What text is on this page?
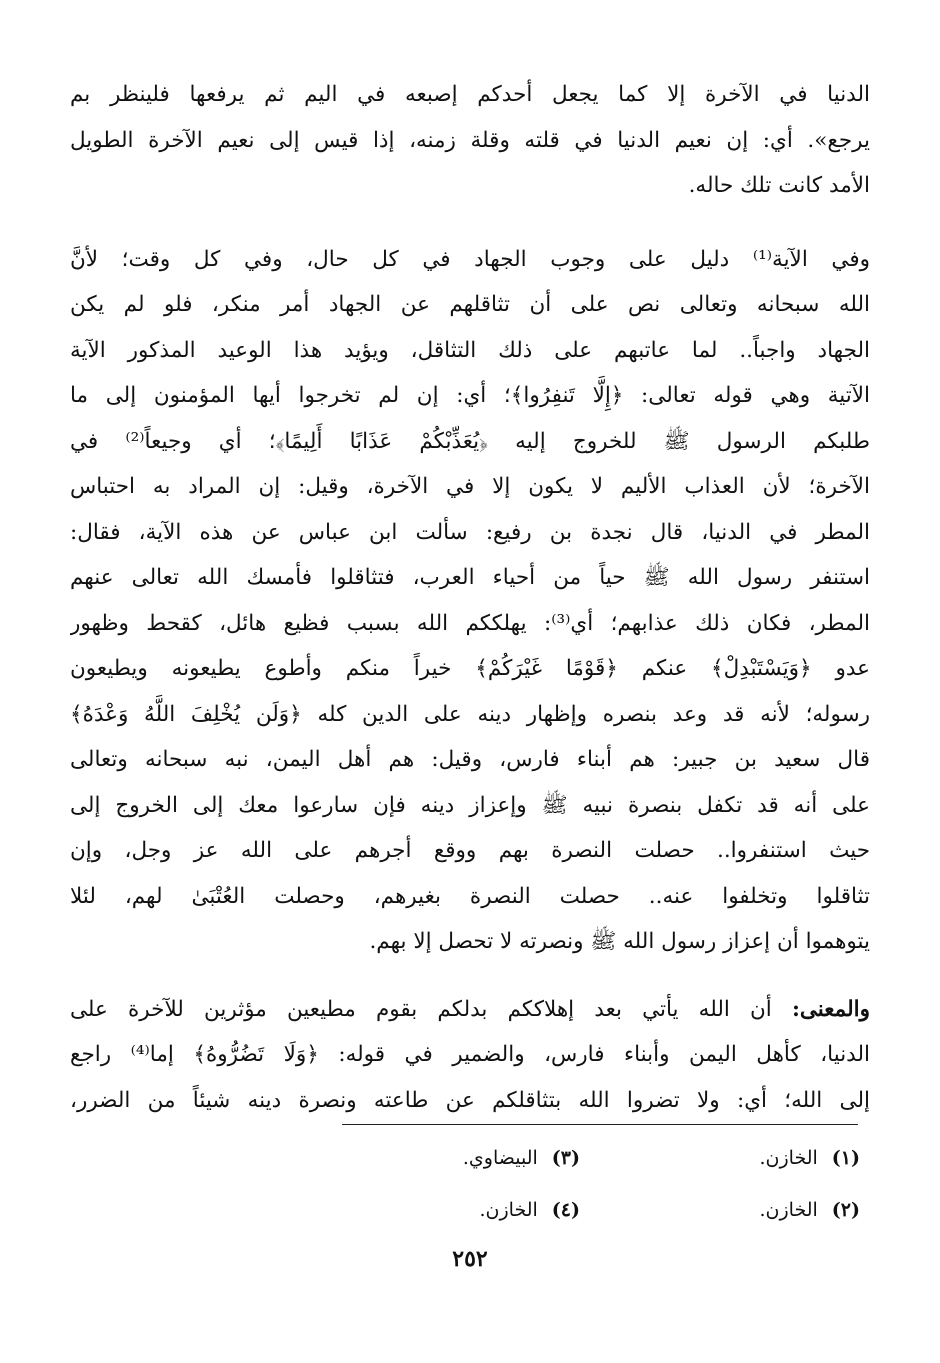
الدنيا في الآخرة إلا كما يجعل أحدكم إصبعه في اليم ثم يرفعها فلينظر بم
يرجع». أي: إن نعيم الدنيا في قلته وقلة زمنه، إذا قيس إلى نعيم الآخرة الطويل
الأمد كانت تلك حاله.
وفي الآية⁽¹⁾ دليل على وجوب الجهاد في كل حال، وفي كل وقت؛ لأنَّ
الله سبحانه وتعالى نص على أن تثاقلهم عن الجهاد أمر منكر، فلو لم يكن
الجهاد واجباً.. لما عاتبهم على ذلك التثاقل، ويؤيد هذا الوعيد المذكور الآية
الآتية وهي قوله تعالى: ﴿إِلَّا تَنفِرُوا﴾؛ أي: إن لم تخرجوا أيها المؤمنون إلى ما
طلبكم الرسول ﷺ للخروج إليه ﴿يُعَذِّبْكُمْ عَذَابًا أَلِيمًا﴾؛ أي وجيعاً⁽²⁾ في
الآخرة؛ لأن العذاب الأليم لا يكون إلا في الآخرة، وقيل: إن المراد به احتباس
المطر في الدنيا، قال نجدة بن رفيع: سألت ابن عباس عن هذه الآية، فقال:
استنفر رسول الله ﷺ حياً من أحياء العرب، فتثاقلوا فأمسك الله تعالى عنهم
المطر، فكان ذلك عذابهم؛ أي⁽³⁾: يهلككم الله بسبب فظيع هائل، كقحط وظهور
عدو ﴿وَيَسْتَبْدِلْ﴾ عنكم ﴿قَوْمًا غَيْرَكُمْ﴾ خيراً منكم وأطوع يطيعونه ويطيعون
رسوله؛ لأنه قد وعد بنصره وإظهار دينه على الدين كله ﴿وَلَن يُخْلِفَ اللَّهُ وَعْدَهُ﴾
قال سعيد بن جبير: هم أبناء فارس، وقيل: هم أهل اليمن، نبه سبحانه وتعالى
على أنه قد تكفل بنصرة نبيه ﷺ وإعزاز دينه فإن سارعوا معك إلى الخروج إلى
حيث استنفروا.. حصلت النصرة بهم ووقع أجرهم على الله عز وجل، وإن
تثاقلوا وتخلفوا عنه.. حصلت النصرة بغيرهم، وحصلت العُتْبَىٰ لهم، لئلا
يتوهموا أن إعزاز رسول الله ﷺ ونصرته لا تحصل إلا بهم.
والمعنى: أن الله يأتي بعد إهلاككم بدلكم بقوم مطيعين مؤثرين للآخرة على
الدنيا، كأهل اليمن وأبناء فارس، والضمير في قوله: ﴿وَلَا تَضُرُّوهُ﴾ إما⁽⁴⁾ راجع
إلى الله؛ أي: ولا تضروا الله بتثاقلكم عن طاعته ونصرة دينه شيئاً من الضرر،
(١)الخازن.
(٣)البيضاوي.
(٢)الخازن.
(٤)الخازن.
٢٥٢
